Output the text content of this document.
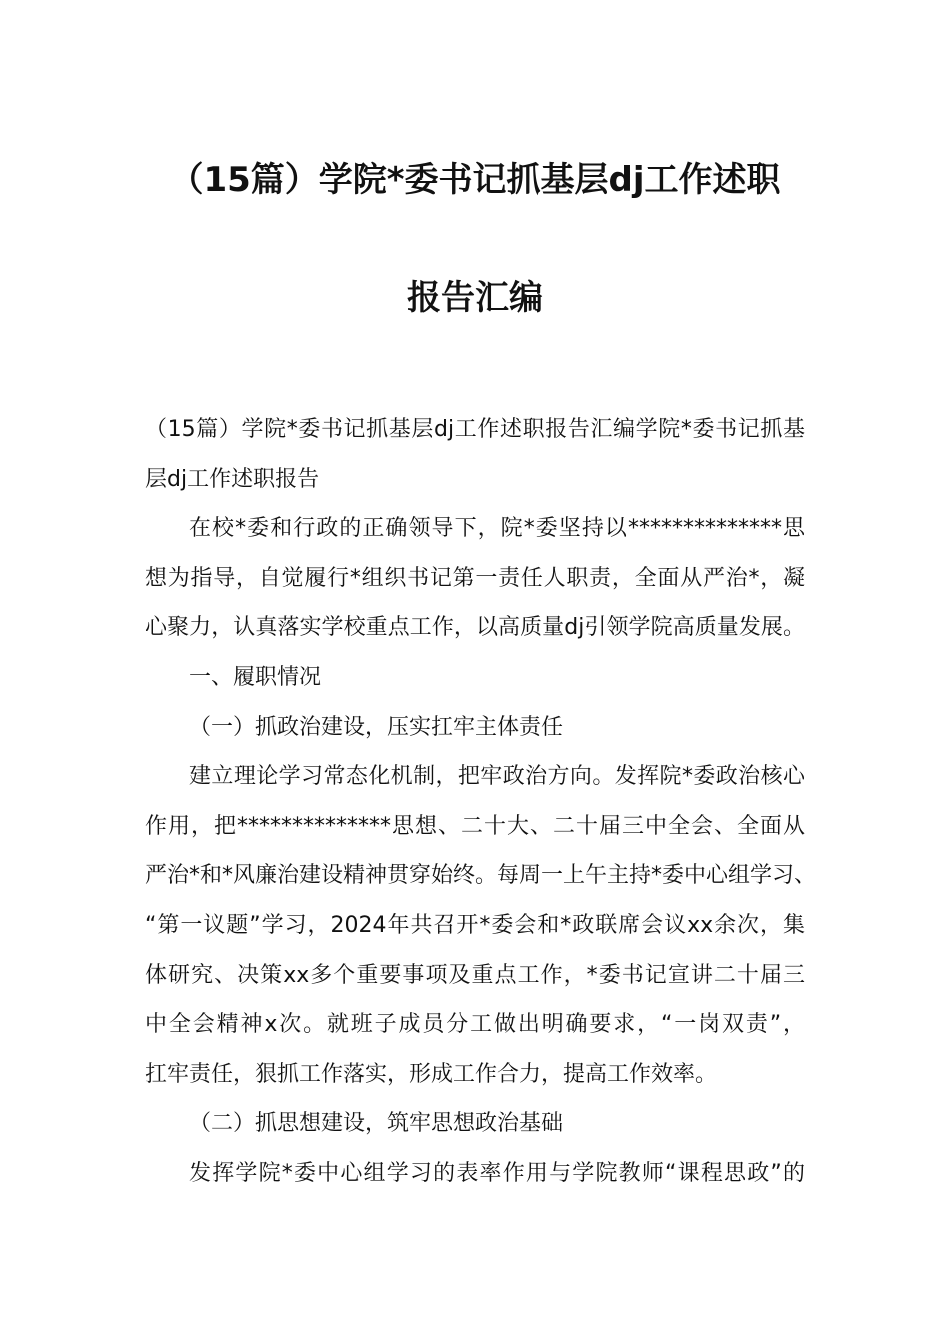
（15篇）学院*委书记抓基层dj工作述职
报告汇编
（15篇）学院*委书记抓基层dj工作述职报告汇编学院*委书记抓基
层dj工作述职报告
在校*委和行政的正确领导下，院*委坚持以**************思
想为指导，自觉履行*组织书记第一责任人职责，全面从严治*，凝
心聚力，认真落实学校重点工作，以高质量dj引领学院高质量发展。
一、履职情况
（一）抓政治建设，压实扛牢主体责任
建立理论学习常态化机制，把牢政治方向。发挥院*委政治核心
作用，把**************思想、二十大、二十届三中全会、全面从
严治*和*风廉治建设精神贯穿始终。每周一上午主持*委中心组学习、
“第一议题”学习，2024年共召开*委会和*政联席会议xx余次，集
体研究、决策xx多个重要事项及重点工作，*委书记宣讲二十届三
中全会精神x次。就班子成员分工做出明确要求，“一岗双责”，
扛牢责任，狠抓工作落实，形成工作合力，提高工作效率。
（二）抓思想建设，筑牢思想政治基础
发挥学院*委中心组学习的表率作用与学院教师“课程思政”的
